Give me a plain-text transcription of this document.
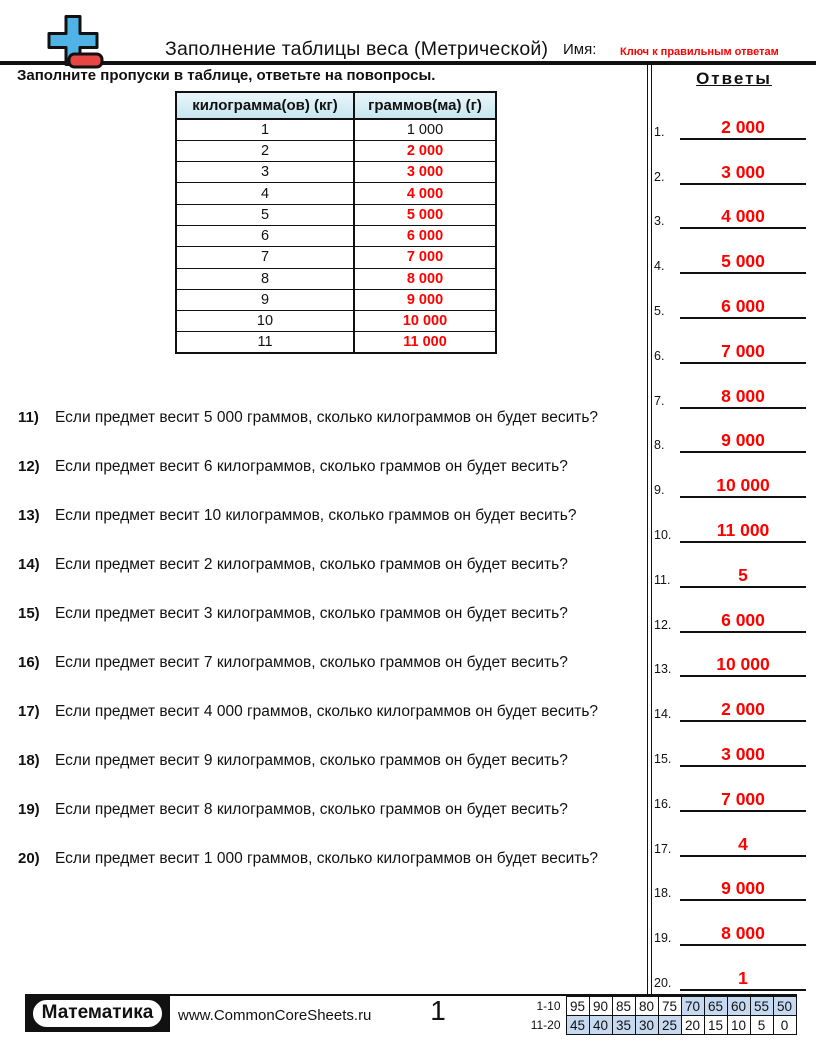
Заполнение таблицы веса (Метрической) Имя: Ключ к правильным ответам
Заполните пропуски в таблице, ответьте на повопросы.
килограмма(ов) (кг)	граммов(ма) (г)
1	1 000
2	2 000
3	3 000
4	4 000
5	5 000
6	6 000
7	7 000
8	8 000
9	9 000
10	10 000
11	11 000
11)	Если предмет весит 5 000 граммов, сколько килограммов он будет весить?
12) Если предмет весит 6 килограммов, сколько граммов он будет весить?
13) Если предмет весит 10 килограммов, сколько граммов он будет весить?
14) Если предмет весит 2 килограммов, сколько граммов он будет весить?
15) Если предмет весит 3 килограммов, сколько граммов он будет весить?
16) Если предмет весит 7 килограммов, сколько граммов он будет весить?
17) Если предмет весит 4 000 граммов, сколько килограммов он будет весить?
18) Если предмет весит 9 килограммов, сколько граммов он будет весить?
19) Если предмет весит 8 килограммов, сколько граммов он будет весить?
20) Если предмет весит 1 000 граммов, сколько килограммов он будет весить?
Ответы
1.	2 000
2.	3 000
3.	4 000
4.	5 000
5.	6 000
6.	7 000
7.	8 000
8.	9 000
9.	10 000
10.	11 000
11.	5
12.	6 000
13.	10 000
14.	2 000
15.	3 000
16.	7 000
17.	4
18.	9 000
19.	8 000
20.	1
Математика	www.CommonCoreSheets.ru	1	1-10	95	90	85	80	75	70	65	60	55	50
11-20	45	40	35	30	25	20	15	10	5	0
